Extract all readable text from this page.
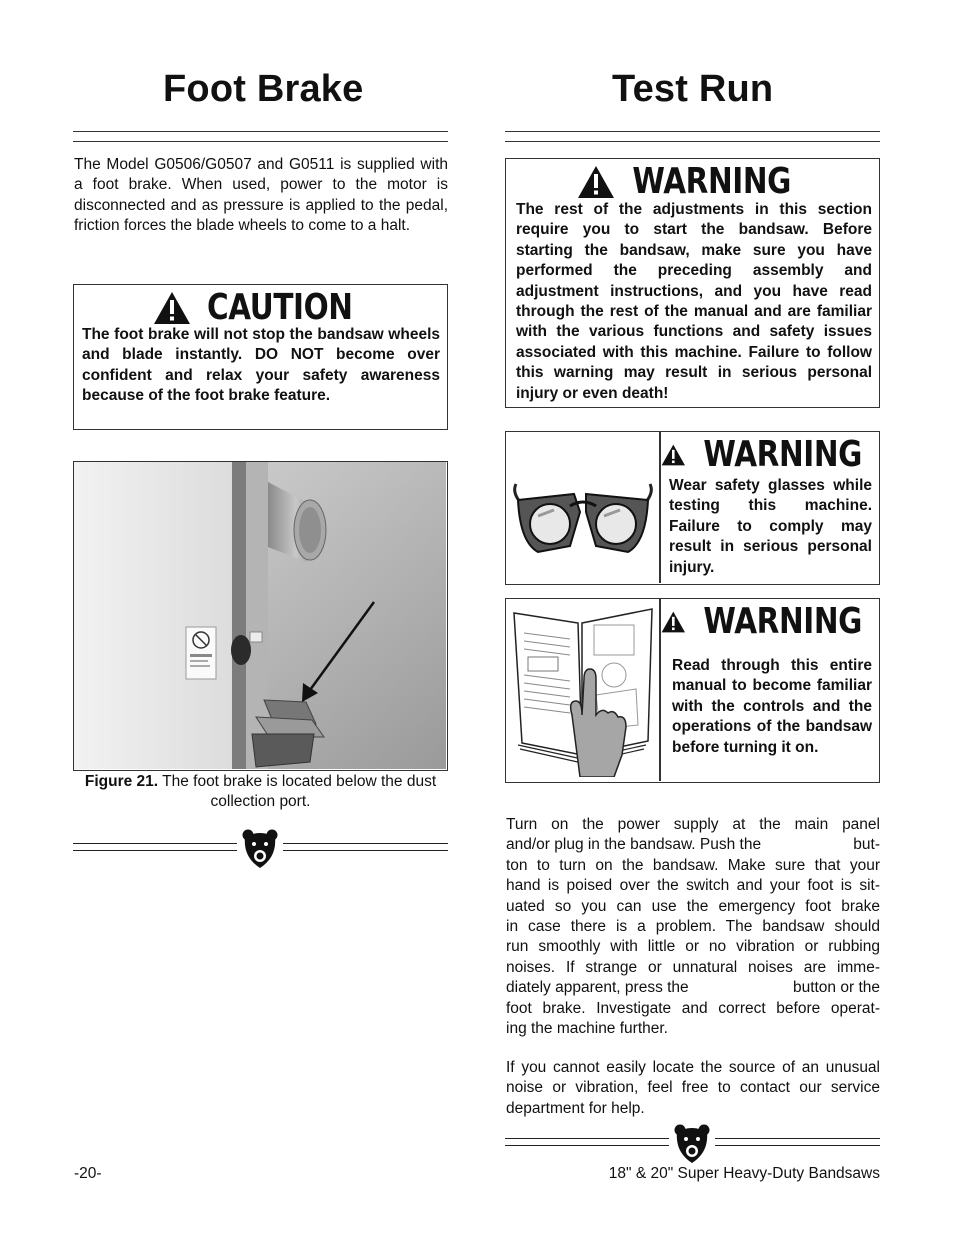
Foot Brake
The Model G0506/G0507 and G0511 is supplied with a foot brake. When used, power to the motor is disconnected and as pressure is applied to the pedal, friction forces the blade wheels to come to a halt.
CAUTION
The foot brake will not stop the bandsaw wheels and blade instantly. DO NOT become over confident and relax your safety awareness because of the foot brake feature.
Figure 21. The foot brake is located below the dust collection port.
Test Run
WARNING
The rest of the adjustments in this section require you to start the bandsaw. Before starting the bandsaw, make sure you have performed the preceding assembly and adjustment instructions, and you have read through the rest of the manual and are familiar with the various functions and safety issues associated with this machine. Failure to follow this warning may result in serious personal injury or even death!
WARNING
Wear safety glasses while testing this machine. Failure to comply may result in serious personal injury.
WARNING
Read through this entire manual to become familiar with the controls and the operations of the bandsaw before turning it on.
Turn on the power supply at the main panel
and/or plug in the bandsaw. Push the	but-
ton to turn on the bandsaw. Make sure that your
hand is poised over the switch and your foot is sit-
uated so you can use the emergency foot brake
in case there is a problem. The bandsaw should
run smoothly with little or no vibration or rubbing
noises. If strange or unnatural noises are imme-
diately apparent, press the	button or the
foot brake. Investigate and correct before operat-
ing the machine further.
If you cannot easily locate the source of an unusual noise or vibration, feel free to contact our service department for help.
-20-	18" & 20" Super Heavy-Duty Bandsaws
